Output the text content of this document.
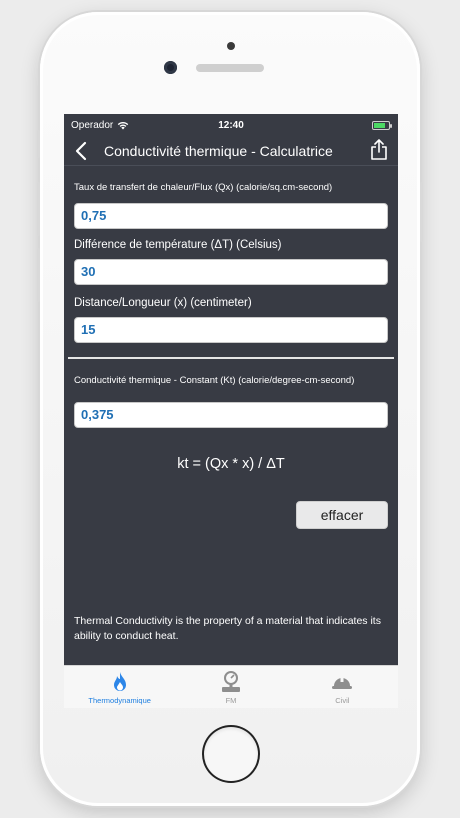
Operador	12:40
Conductivité thermique - Calculatrice
Taux de transfert de chaleur/Flux (Qx) (calorie/sq.cm-second)
0,75
Différence de température (ΔT) (Celsius)
30
Distance/Longueur (x) (centimeter)
15
Conductivité thermique - Constant (Kt) (calorie/degree-cm-second)
0,375
kt = (Qx * x) / ΔT
effacer
Thermal Conductivity is the property of a material that indicates its ability to conduct heat.
Thermodynamique	FM	Civil
